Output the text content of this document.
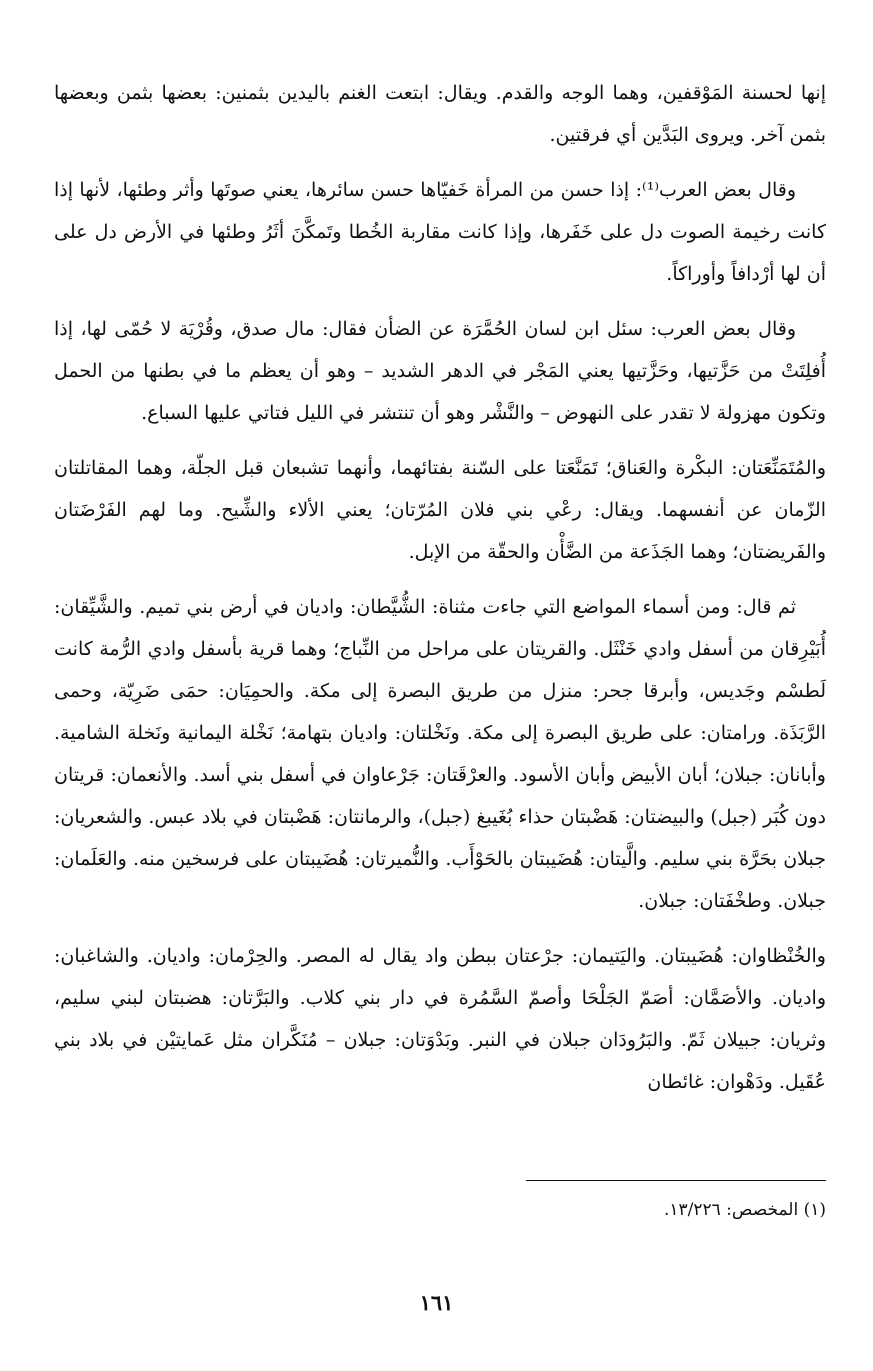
إنها لحسنة المَوْقفين، وهما الوجه والقدم. ويقال: ابتعت الغنم باليدين بثمنين: بعضها بثمن وبعضها بثمن آخر. ويروى البَدَّين أي فرقتين.

وقال بعض العرب⁽¹⁾: إذا حسن من المرأة خَفيّاها حسن سائرها، يعني صوتَها وأثر وطئها، لأنها إذا كانت رخيمة الصوت دل على خَفَرها، وإذا كانت مقاربة الخُطا وتَمكَّنَ أثَرُ وطئها في الأرض دل على أن لها أرْدافاً وأوراكاً.

وقال بعض العرب: سئل ابن لسان الحُمَّرَة عن الضأن فقال: مال صدق، وقُرْيَة لا حُمّى لها، إذا أُفلِتَتْ من حَزَّتيها، وحَزَّتيها يعني المَجْر في الدهر الشديد – وهو أن يعظم ما في بطنها من الحمل وتكون مهزولة لا تقدر على النهوض – والنَّشْر وهو أن تنتشر في الليل فتاتي عليها السباع.

والمُتَمَنِّعَتان: البكْرة والعَناق؛ تَمَنَّعَتا على السّنة بفتائهما، وأنهما تشبعان قبل الجلّة، وهما المقاتلتان الزّمان عن أنفسهما. ويقال: رعْي بني فلان المُرّتان؛ يعني الألاء والشِّيح. وما لهم الفَرْضَتان والفَريضتان؛ وهما الجَذَعة من الضَّأْن والحقّة من الإبل.

ثم قال: ومن أسماء المواضع التي جاءت مثناة: الشُّيَّطان: واديان في أرض بني تميم. والشَّيِّقان: أُبَيْرِقان من أسفل وادي خَنْثَل. والقريتان على مراحل من النِّباج؛ وهما قرية بأسفل وادي الرُّمة كانت لَطسْم وجَديس، وأبرقا جحر: منزل من طريق البصرة إلى مكة. والحمِيَان: حمَى ضَرِيّة، وحمى الرَّبَذَة. ورامتان: على طريق البصرة إلى مكة. ونَخْلتان: واديان بتهامة؛ نَخْلة اليمانية ونَخلة الشامية. وأبانان: جبلان؛ أبان الأبيض وأبان الأسود. والعرْقَتان: جَرْعاوان في أسفل بني أسد. والأنعمان: قريتان دون كُبَر (جبل) والبيضتان: هَضْبتان حذاء بُغَيبغ (جبل)، والرمانتان: هَضْبتان في بلاد عبس. والشعريان: جبلان بحَرَّة بني سليم. والَّيتان: هُضَيبتان بالحَوْأَب. والنُّميرتان: هُضَيبتان على فرسخين منه. والعَلَمان: جبلان. وطخْفَتان: جبلان.

والخُنْظاوان: هُضَيبتان. واليَتيمان: جرْعتان ببطن واد يقال له المصر. والحِرْمان: واديان. والشاغبان: واديان. والأصَمَّان: أصَمّ الجَلْحَا وأصمّ السَّمُرة في دار بني كلاب. والبَرَّتان: هضبتان لبني سليم، وثريان: جبيلان ثَمّ. والبَرُودَان جبلان في النبر. وبَدْوَتان: جبلان – مُنَكَّران مثل عَمايتيْن في بلاد بني عُقَيل. ودَهْوان: غائطان

(١) المخصص: ١٣/٢٢٦.

١٦١
